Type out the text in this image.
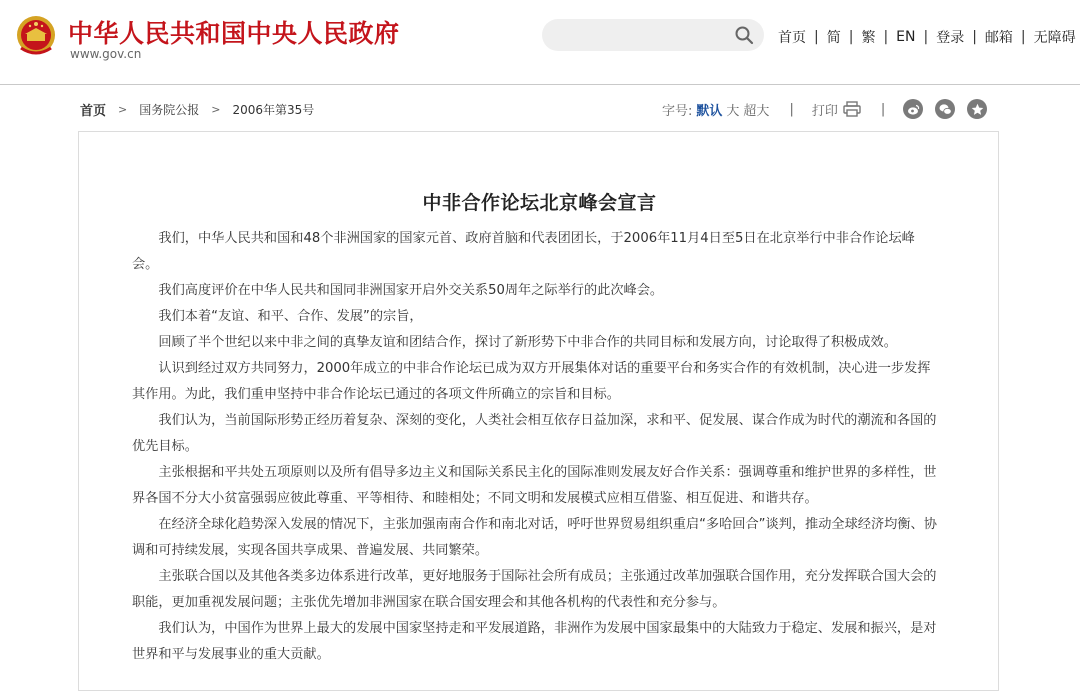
中华人民共和国中央人民政府
www.gov.cn
首页 | 简 | 繁 | EN | 登录 | 邮箱 | 无障碍
首页 > 国务院公报 > 2006年第35号	字号: 默认 大 超大 | 打印	|
中非合作论坛北京峰会宣言

我们，中华人民共和国和48个非洲国家的国家元首、政府首脑和代表团团长，于2006年11月4日至5日在北京举行中非合作论坛峰会。

我们高度评价在中华人民共和国同非洲国家开启外交关系50周年之际举行的此次峰会。

我们本着“友谊、和平、合作、发展”的宗旨，

回顾了半个世纪以来中非之间的真挚友谊和团结合作，探讨了新形势下中非合作的共同目标和发展方向，讨论取得了积极成效。

认识到经过双方共同努力，2000年成立的中非合作论坛已成为双方开展集体对话的重要平台和务实合作的有效机制，决心进一步发挥其作用。为此，我们重申坚持中非合作论坛已通过的各项文件所确立的宗旨和目标。

我们认为，当前国际形势正经历着复杂、深刻的变化，人类社会相互依存日益加深，求和平、促发展、谋合作成为时代的潮流和各国的优先目标。

主张根据和平共处五项原则以及所有倡导多边主义和国际关系民主化的国际准则发展友好合作关系：强调尊重和维护世界的多样性，世界各国不分大小贫富强弱应彼此尊重、平等相待、和睦相处；不同文明和发展模式应相互借鉴、相互促进、和谐共存。

在经济全球化趋势深入发展的情况下，主张加强南南合作和南北对话，呼吁世界贸易组织重启“多哈回合”谈判，推动全球经济均衡、协调和可持续发展，实现各国共享成果、普遍发展、共同繁荣。

主张联合国以及其他各类多边体系进行改革，更好地服务于国际社会所有成员；主张通过改革加强联合国作用，充分发挥联合国大会的职能，更加重视发展问题；主张优先增加非洲国家在联合国安理会和其他各机构的代表性和充分参与。

我们认为，中国作为世界上最大的发展中国家坚持走和平发展道路，非洲作为发展中国家最集中的大陆致力于稳定、发展和振兴，是对世界和平与发展事业的重大贡献。
